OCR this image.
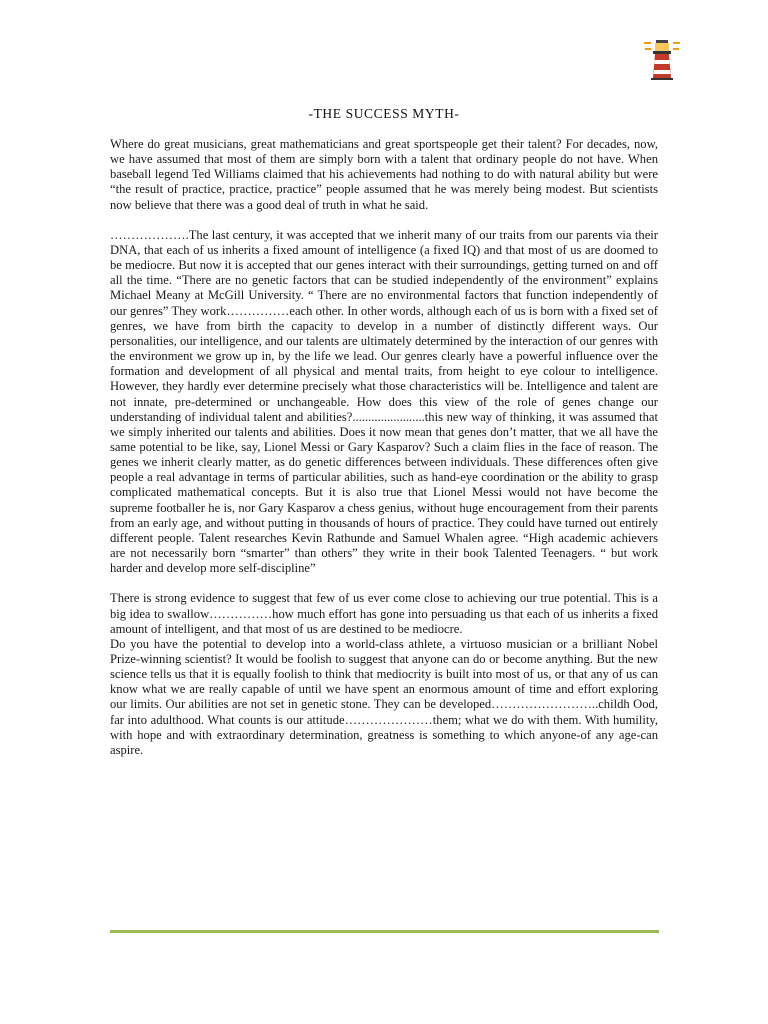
-THE SUCCESS MYTH-

Where do great musicians, great mathematicians and great sportspeople get their talent? For decades, now, we have assumed that most of them are simply born with a talent that ordinary people do not have. When baseball legend Ted Williams claimed that his achievements had nothing to do with natural ability but were “the result of practice, practice, practice” people assumed that he was merely being modest. But scientists now believe that there was a good deal of truth in what he said.

……………….The last century, it was accepted that we inherit many of our traits from our parents via their DNA, that each of us inherits a fixed amount of intelligence (a fixed IQ) and that most of us are doomed to be mediocre. But now it is accepted that our genes interact with their surroundings, getting turned on and off all the time. “There are no genetic factors that can be studied independently of the environment” explains Michael Meany at McGill University. “ There are no environmental factors that function independently of our genres” They work……………each other. In other words, although each of us is born with a fixed set of genres, we have from birth the capacity to develop in a number of distinctly different ways. Our personalities, our intelligence, and our talents are ultimately determined by the interaction of our genres with the environment we grow up in, by the life we lead. Our genres clearly have a powerful influence over the formation and development of all physical and mental traits, from height to eye colour to intelligence. However, they hardly ever determine precisely what those characteristics will be. Intelligence and talent are not innate, pre-determined or unchangeable. How does this view of the role of genes change our understanding of individual talent and abilities?.......................this new way of thinking, it was assumed that we simply inherited our talents and abilities. Does it now mean that genes don’t matter, that we all have the same potential to be like, say, Lionel Messi or Gary Kasparov? Such a claim flies in the face of reason. The genes we inherit clearly matter, as do genetic differences between individuals. These differences often give people a real advantage in terms of particular abilities, such as hand-eye coordination or the ability to grasp complicated mathematical concepts. But it is also true that Lionel Messi would not have become the supreme footballer he is, nor Gary Kasparov a chess genius, without huge encouragement from their parents from an early age, and without putting in thousands of hours of practice. They could have turned out entirely different people. Talent researches Kevin Rathunde and Samuel Whalen agree. “High academic achievers are not necessarily born “smarter” than others” they write in their book Talented Teenagers. “ but work harder and develop more self-discipline”

There is strong evidence to suggest that few of us ever come close to achieving our true potential. This is a big idea to swallow……………how much effort has gone into persuading us that each of us inherits a fixed amount of intelligent, and that most of us are destined to be mediocre.

Do you have the potential to develop into a world-class athlete, a virtuoso musician or a brilliant Nobel Prize-winning scientist? It would be foolish to suggest that anyone can do or become anything. But the new science tells us that it is equally foolish to think that mediocrity is built into most of us, or that any of us can know what we are really capable of until we have spent an enormous amount of time and effort exploring our limits. Our abilities are not set in genetic stone. They can be developed……………………..childh Ood, far into adulthood. What counts is our attitude…………………them; what we do with them. With humility, with hope and with extraordinary determination, greatness is something to which anyone-of any age-can aspire.
